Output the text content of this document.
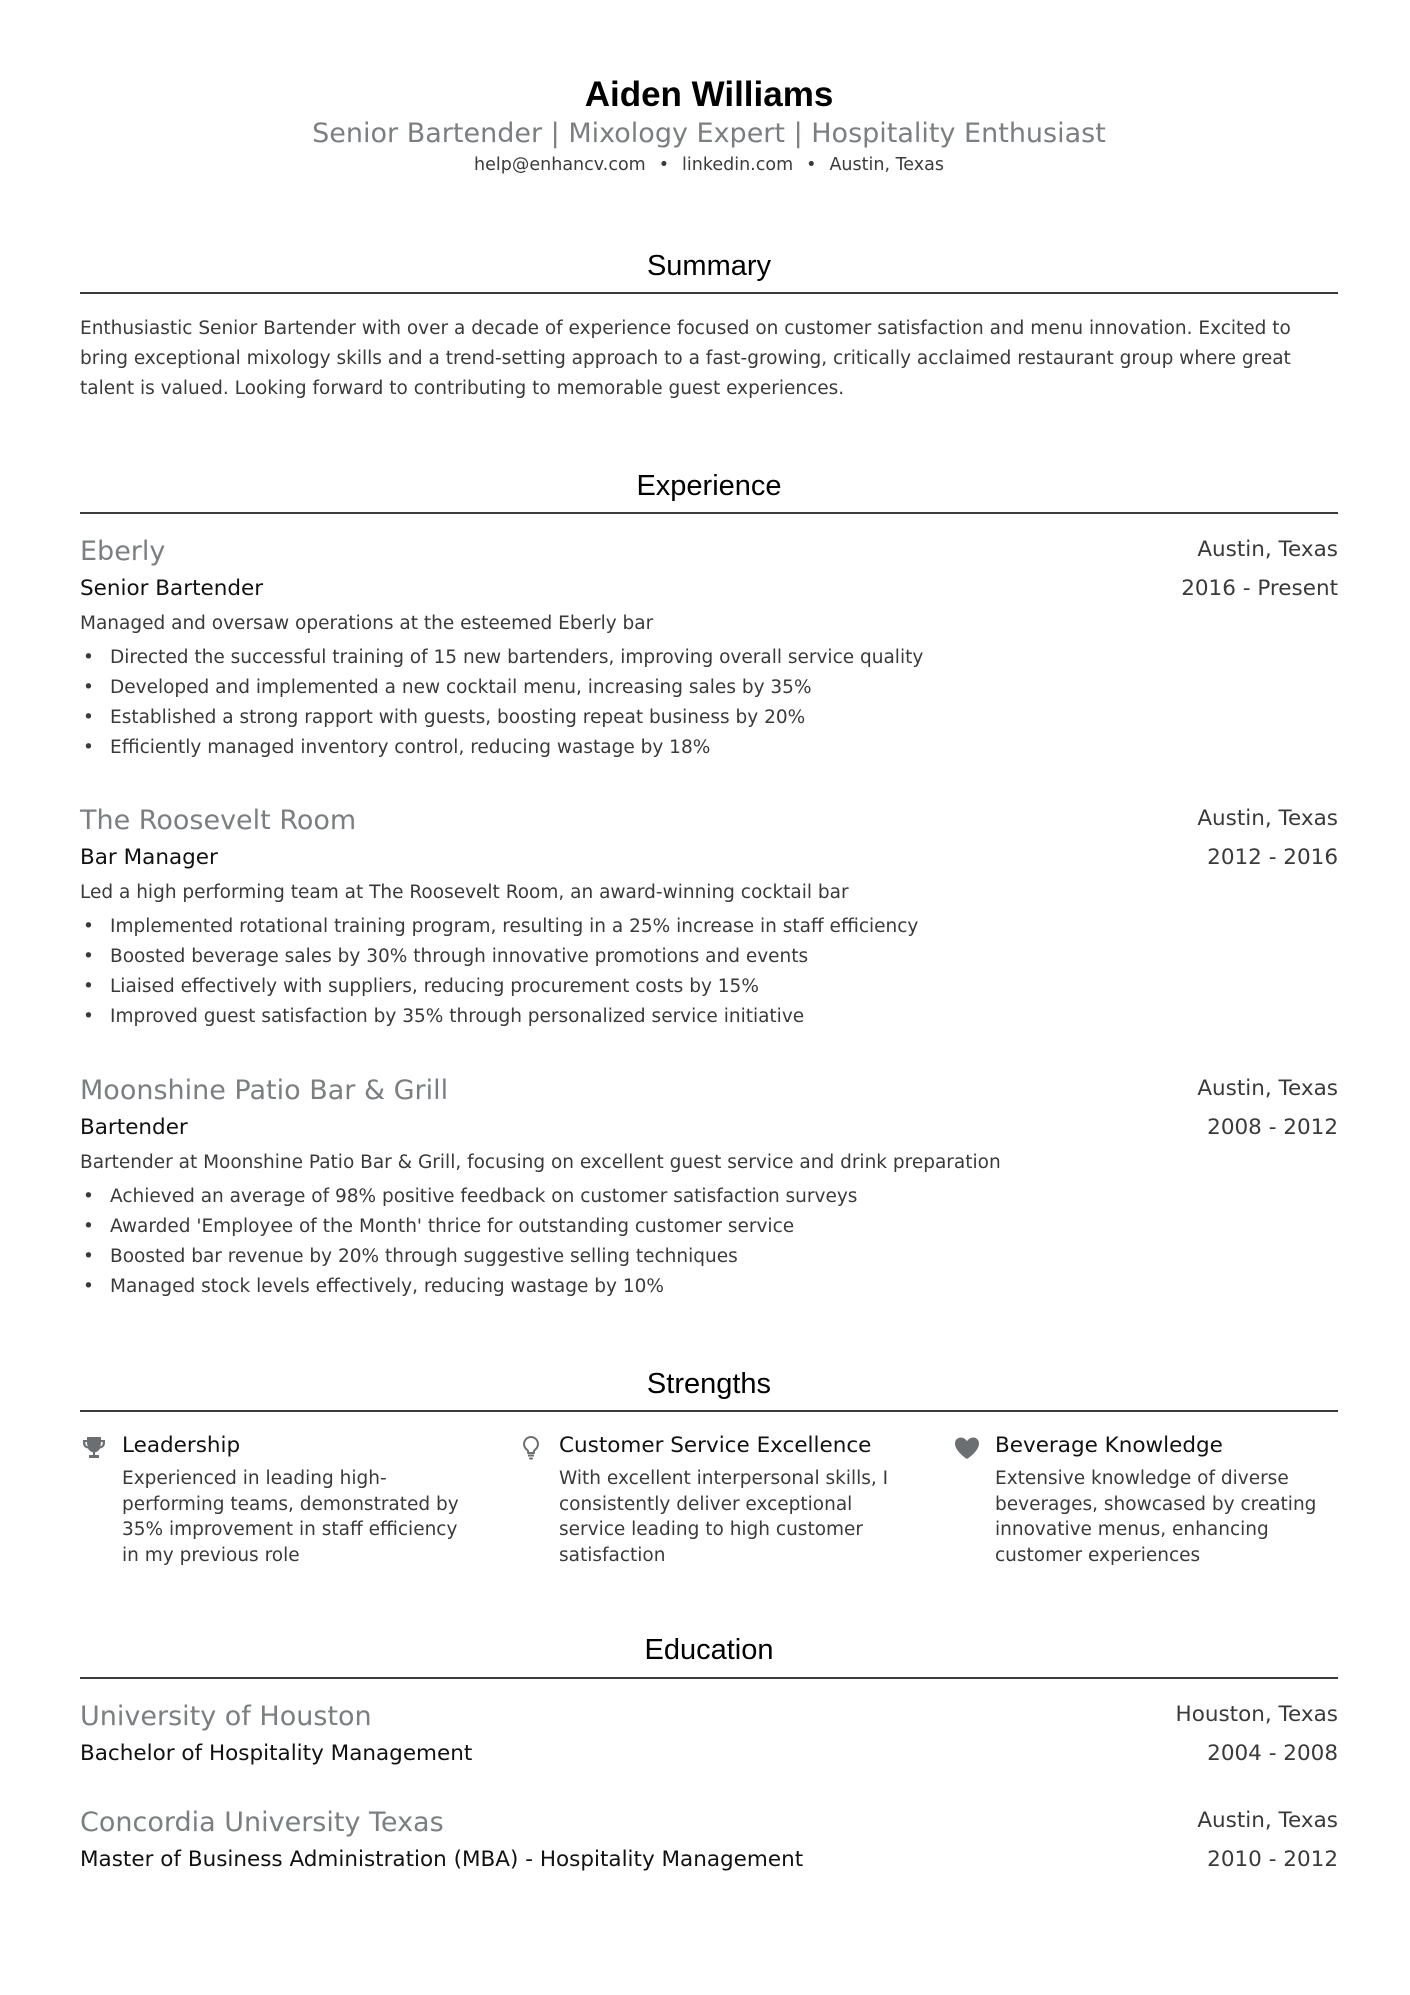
Aiden Williams
Senior Bartender | Mixology Expert | Hospitality Enthusiast
help@enhancv.com • linkedin.com • Austin, Texas
Summary
Enthusiastic Senior Bartender with over a decade of experience focused on customer satisfaction and menu innovation. Excited to bring exceptional mixology skills and a trend-setting approach to a fast-growing, critically acclaimed restaurant group where great talent is valued. Looking forward to contributing to memorable guest experiences.
Experience
Eberly	Austin, Texas
Senior Bartender	2016 - Present
Managed and oversaw operations at the esteemed Eberly bar
• Directed the successful training of 15 new bartenders, improving overall service quality
• Developed and implemented a new cocktail menu, increasing sales by 35%
• Established a strong rapport with guests, boosting repeat business by 20%
• Efficiently managed inventory control, reducing wastage by 18%
The Roosevelt Room	Austin, Texas
Bar Manager	2012 - 2016
Led a high performing team at The Roosevelt Room, an award-winning cocktail bar
• Implemented rotational training program, resulting in a 25% increase in staff efficiency
• Boosted beverage sales by 30% through innovative promotions and events
• Liaised effectively with suppliers, reducing procurement costs by 15%
• Improved guest satisfaction by 35% through personalized service initiative
Moonshine Patio Bar & Grill	Austin, Texas
Bartender	2008 - 2012
Bartender at Moonshine Patio Bar & Grill, focusing on excellent guest service and drink preparation
• Achieved an average of 98% positive feedback on customer satisfaction surveys
• Awarded 'Employee of the Month' thrice for outstanding customer service
• Boosted bar revenue by 20% through suggestive selling techniques
• Managed stock levels effectively, reducing wastage by 10%
Strengths
Leadership
Experienced in leading high-performing teams, demonstrated by 35% improvement in staff efficiency in my previous role
Customer Service Excellence
With excellent interpersonal skills, I consistently deliver exceptional service leading to high customer satisfaction
Beverage Knowledge
Extensive knowledge of diverse beverages, showcased by creating innovative menus, enhancing customer experiences
Education
University of Houston	Houston, Texas
Bachelor of Hospitality Management	2004 - 2008
Concordia University Texas	Austin, Texas
Master of Business Administration (MBA) - Hospitality Management	2010 - 2012
